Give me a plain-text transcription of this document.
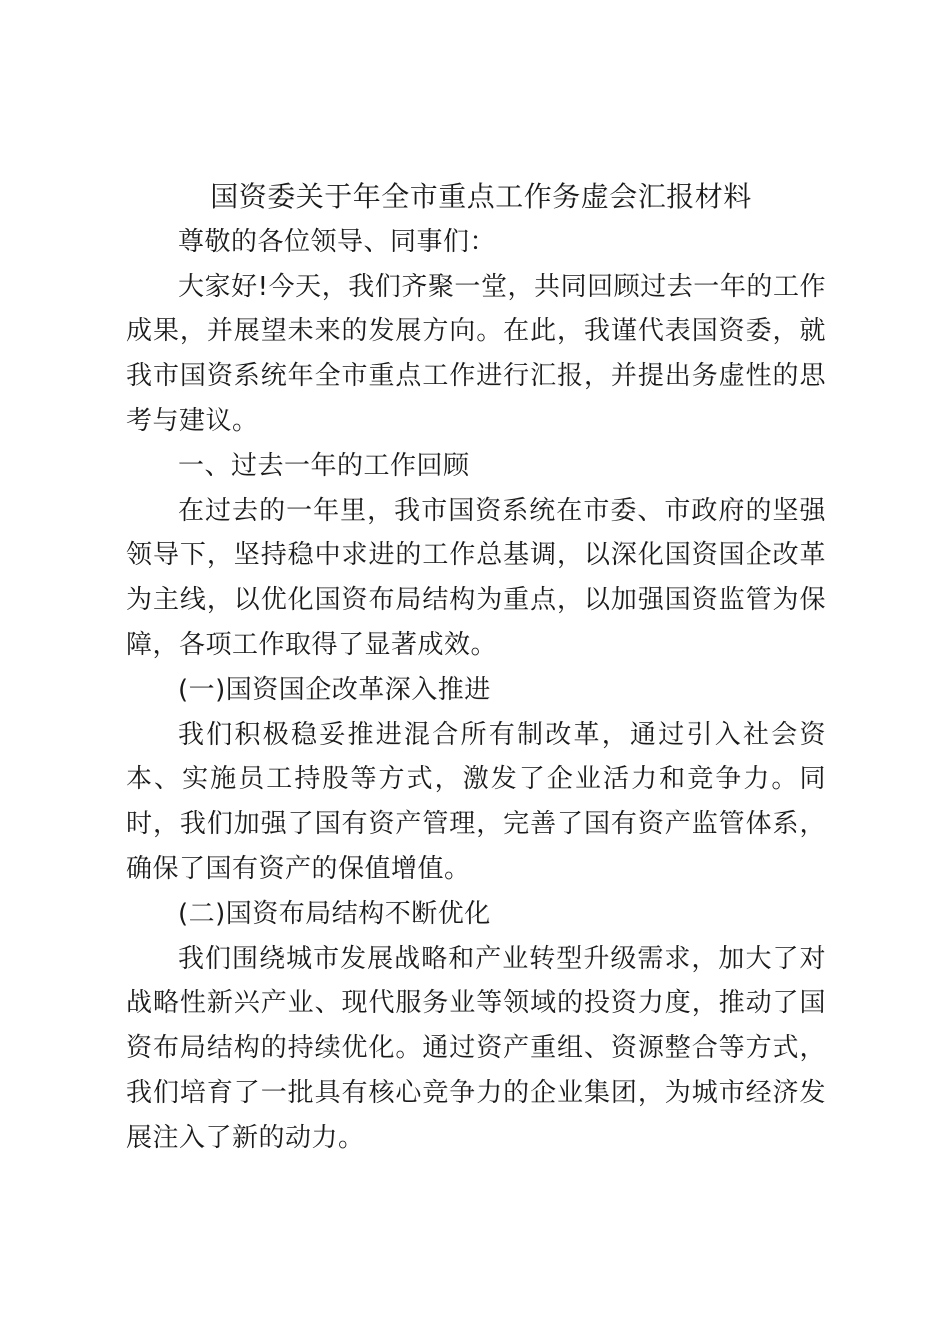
国资委关于年全市重点工作务虚会汇报材料

尊敬的各位领导、同事们：

大家好!今天，我们齐聚一堂，共同回顾过去一年的工作成果，并展望未来的发展方向。在此，我谨代表国资委，就我市国资系统年全市重点工作进行汇报，并提出务虚性的思考与建议。

一、过去一年的工作回顾

在过去的一年里，我市国资系统在市委、市政府的坚强领导下，坚持稳中求进的工作总基调，以深化国资国企改革为主线，以优化国资布局结构为重点，以加强国资监管为保障，各项工作取得了显著成效。

(一)国资国企改革深入推进

我们积极稳妥推进混合所有制改革，通过引入社会资本、实施员工持股等方式，激发了企业活力和竞争力。同时，我们加强了国有资产管理，完善了国有资产监管体系，确保了国有资产的保值增值。

(二)国资布局结构不断优化

我们围绕城市发展战略和产业转型升级需求，加大了对战略性新兴产业、现代服务业等领域的投资力度，推动了国资布局结构的持续优化。通过资产重组、资源整合等方式，我们培育了一批具有核心竞争力的企业集团，为城市经济发展注入了新的动力。
